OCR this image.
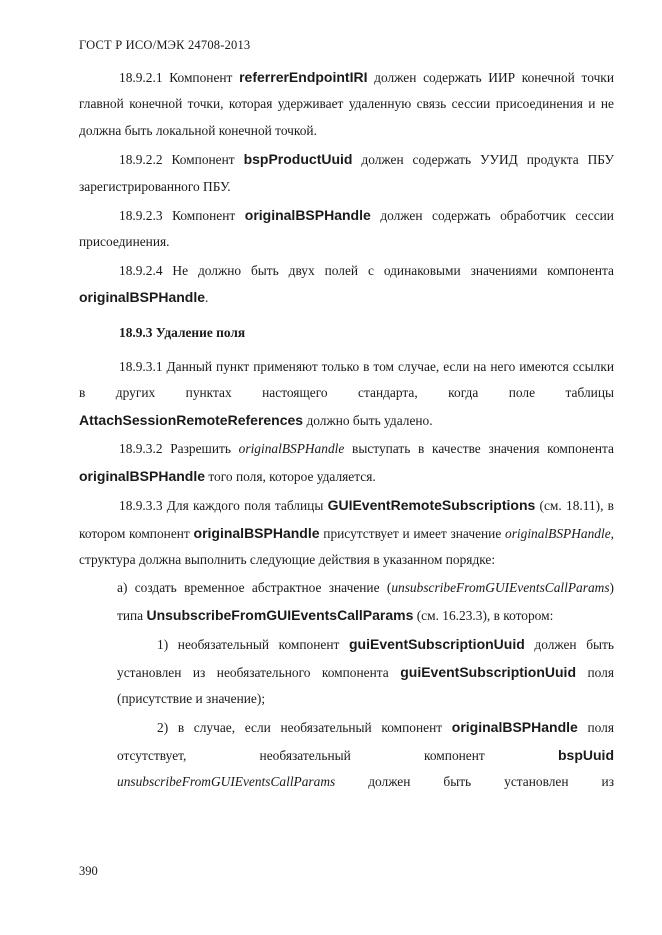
ГОСТ Р ИСО/МЭК 24708-2013

18.9.2.1 Компонент referrerEndpointIRI должен содержать ИИР конечной точки главной конечной точки, которая удерживает удаленную связь сессии присоединения и не должна быть локальной конечной точкой.

18.9.2.2 Компонент bspProductUuid должен содержать УУИД продукта ПБУ зарегистрированного ПБУ.

18.9.2.3 Компонент originalBSPHandle должен содержать обработчик сессии присоединения.

18.9.2.4 Не должно быть двух полей с одинаковыми значениями компонента originalBSPHandle.

18.9.3 Удаление поля

18.9.3.1 Данный пункт применяют только в том случае, если на него имеются ссылки в других пунктах настоящего стандарта, когда поле таблицы AttachSessionRemoteReferences должно быть удалено.

18.9.3.2 Разрешить originalBSPHandle выступать в качестве значения компонента originalBSPHandle того поля, которое удаляется.

18.9.3.3 Для каждого поля таблицы GUIEventRemoteSubscriptions (см. 18.11), в котором компонент originalBSPHandle присутствует и имеет значение originalBSPHandle, структура должна выполнить следующие действия в указанном порядке:

а) создать временное абстрактное значение (unsubscribeFromGUIEventsCallParams) типа UnsubscribeFromGUIEventsCallParams (см. 16.23.3), в котором:

1) необязательный компонент guiEventSubscriptionUuid должен быть установлен из необязательного компонента guiEventSubscriptionUuid поля (присутствие и значение);

2) в случае, если необязательный компонент originalBSPHandle поля отсутствует, необязательный компонент bspUuid unsubscribeFromGUIEventsCallParams должен быть установлен из

390
